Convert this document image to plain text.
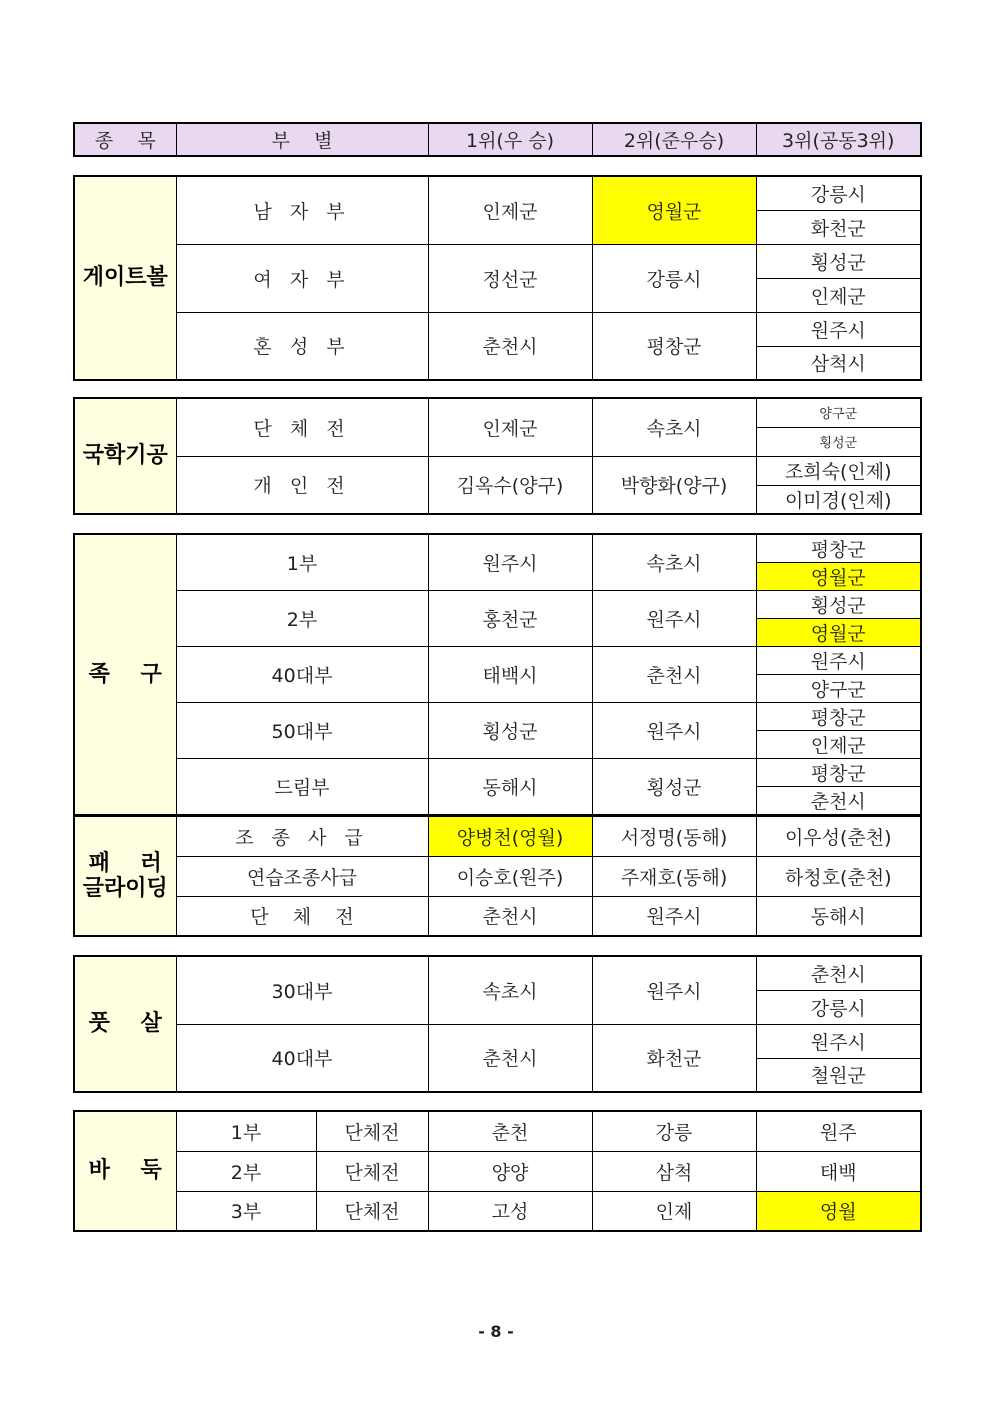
종    목	부    별	1위(우 승)	2위(준우승)	3위(공동3위)
게이트볼	남 자 부	인제군	영월군	강릉시
				화천군
	여 자 부	정선군	강릉시	횡성군
				인제군
	혼 성 부	춘천시	평창군	원주시
				삼척시
국학기공	단 체 전	인제군	속초시	양구군
				횡성군
	개 인 전	김옥수(양구)	박향화(양구)	조희숙(인제)
				이미경(인제)
족    구	1부	원주시	속초시	평창군
				영월군
	2부	홍천군	원주시	횡성군
				영월군
	40대부	태백시	춘천시	원주시
				양구군
	50대부	횡성군	원주시	평창군
				인제군
	드림부	동해시	횡성군	평창군
				춘천시
패    러
글라이딩	조 종 사 급	양병천(영월)	서정명(동해)	이우성(춘천)
	연습조종사급	이승호(원주)	주재호(동해)	하청호(춘천)
	단    체    전	춘천시	원주시	동해시
풋    살	30대부	속초시	원주시	춘천시
				강릉시
	40대부	춘천시	화천군	원주시
				철원군
바    둑	1부	단체전	춘천	강릉	원주
	2부	단체전	양양	삼척	태백
	3부	단체전	고성	인제	영월
- 8 -
